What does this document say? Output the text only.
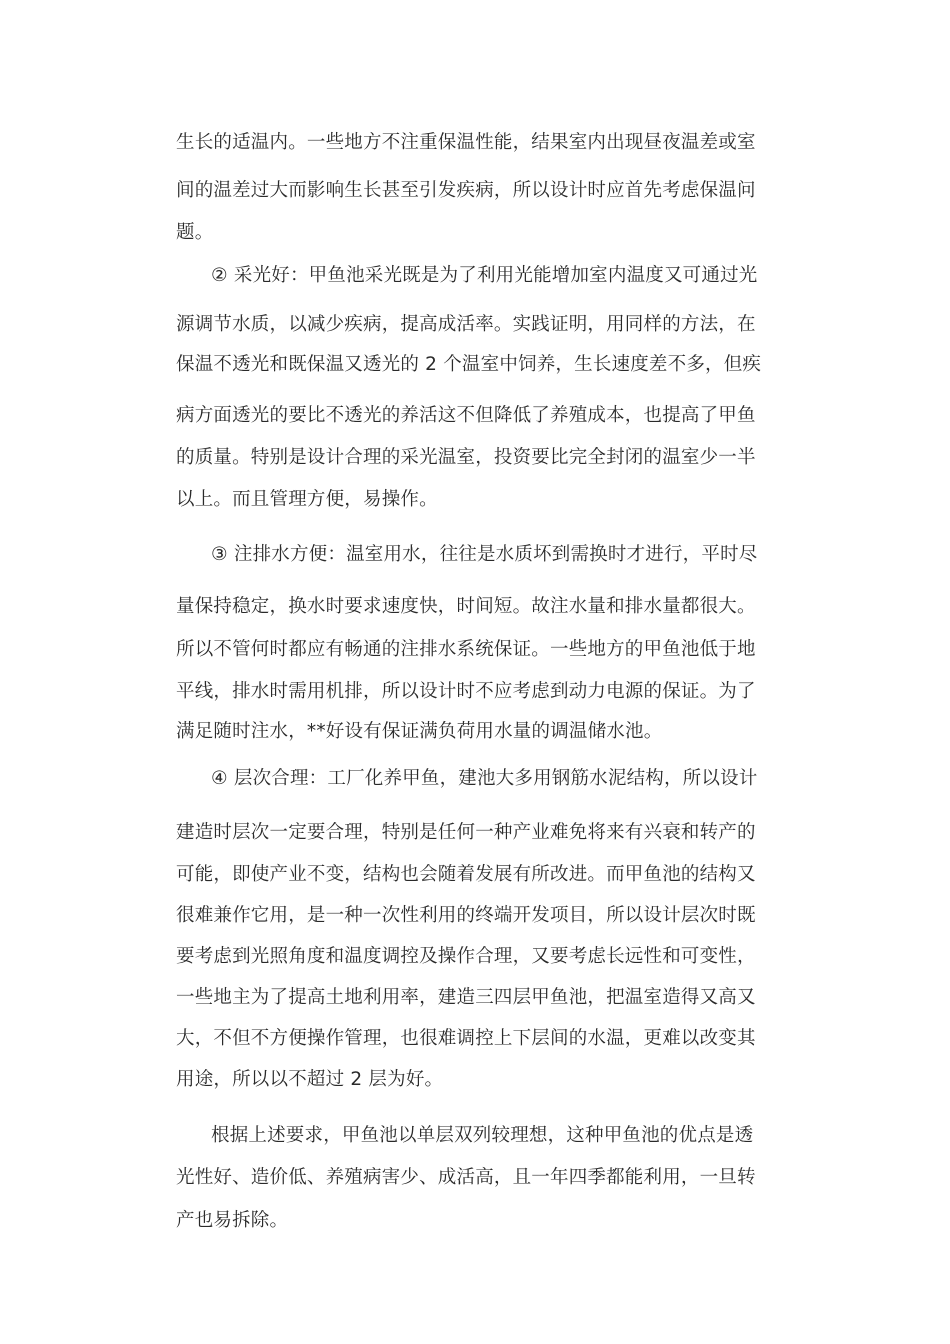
生长的适温内。一些地方不注重保温性能，结果室内出现昼夜温差或室
间的温差过大而影响生长甚至引发疾病，所以设计时应首先考虑保温问
题。
② 采光好：甲鱼池采光既是为了利用光能增加室内温度又可通过光
源调节水质，以减少疾病，提高成活率。实践证明，用同样的方法，在
保温不透光和既保温又透光的 2 个温室中饲养，生长速度差不多，但疾
病方面透光的要比不透光的养活这不但降低了养殖成本，也提高了甲鱼
的质量。特别是设计合理的采光温室，投资要比完全封闭的温室少一半
以上。而且管理方便，易操作。
③ 注排水方便：温室用水，往往是水质坏到需换时才进行，平时尽
量保持稳定，换水时要求速度快，时间短。故注水量和排水量都很大。
所以不管何时都应有畅通的注排水系统保证。一些地方的甲鱼池低于地
平线，排水时需用机排，所以设计时不应考虑到动力电源的保证。为了
满足随时注水，**好设有保证满负荷用水量的调温储水池。
④ 层次合理：工厂化养甲鱼，建池大多用钢筋水泥结构，所以设计
建造时层次一定要合理，特别是任何一种产业难免将来有兴衰和转产的
可能，即使产业不变，结构也会随着发展有所改进。而甲鱼池的结构又
很难兼作它用，是一种一次性利用的终端开发项目，所以设计层次时既
要考虑到光照角度和温度调控及操作合理，又要考虑长远性和可变性，
一些地主为了提高土地利用率，建造三四层甲鱼池，把温室造得又高又
大，不但不方便操作管理，也很难调控上下层间的水温，更难以改变其
用途，所以以不超过 2 层为好。
根据上述要求，甲鱼池以单层双列较理想，这种甲鱼池的优点是透
光性好、造价低、养殖病害少、成活高，且一年四季都能利用，一旦转
产也易拆除。
